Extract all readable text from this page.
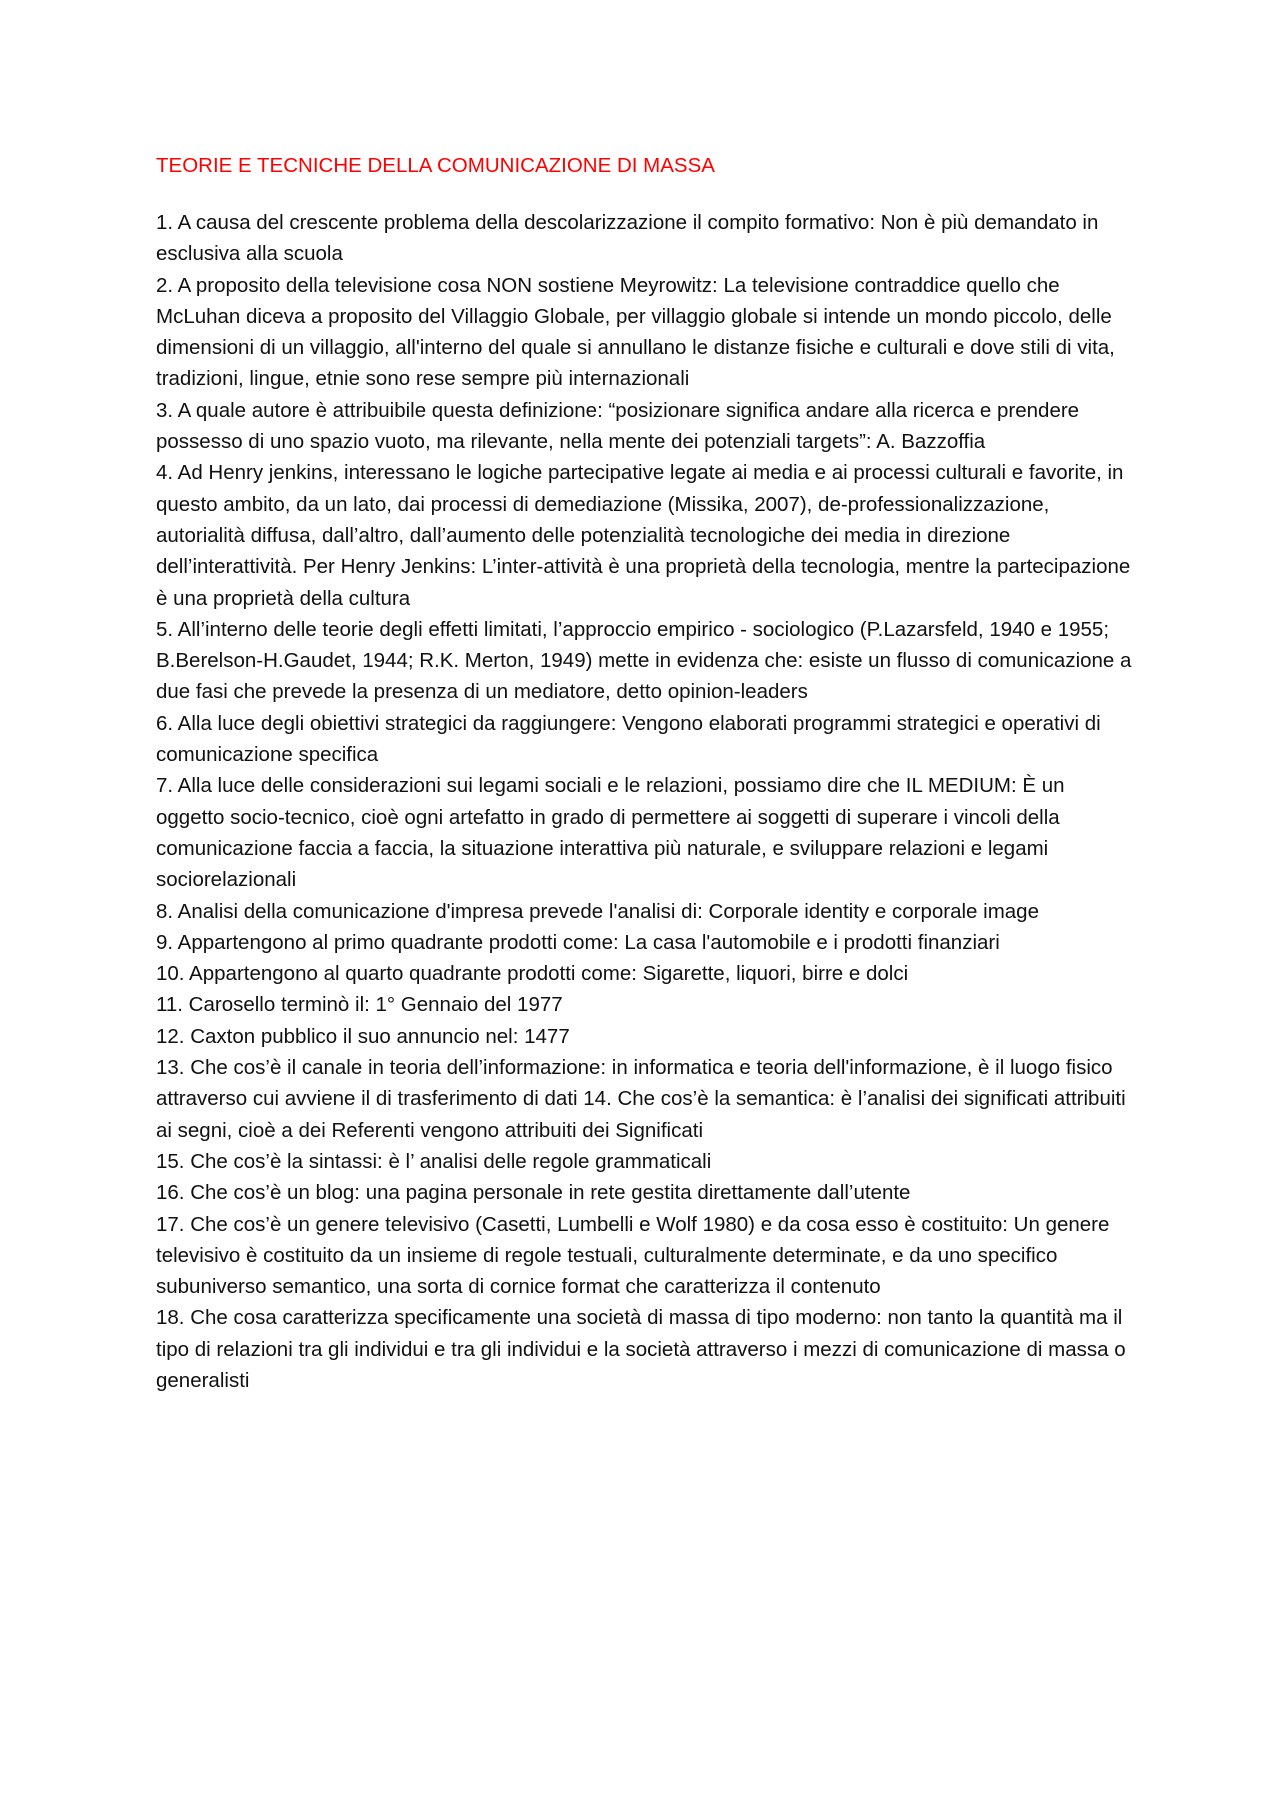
TEORIE E TECNICHE DELLA COMUNICAZIONE DI MASSA

1. A causa del crescente problema della descolarizzazione il compito formativo: Non è più demandato in esclusiva alla scuola

2. A proposito della televisione cosa NON sostiene Meyrowitz: La televisione contraddice quello che McLuhan diceva a proposito del Villaggio Globale, per villaggio globale si intende un mondo piccolo, delle dimensioni di un villaggio, all'interno del quale si annullano le distanze fisiche e culturali e dove stili di vita, tradizioni, lingue, etnie sono rese sempre più internazionali

3. A quale autore è attribuibile questa definizione: “posizionare significa andare alla ricerca e prendere possesso di uno spazio vuoto, ma rilevante, nella mente dei potenziali targets”: A. Bazzoffia

4. Ad Henry jenkins, interessano le logiche partecipative legate ai media e ai processi culturali e favorite, in questo ambito, da un lato, dai processi di demediazione (Missika, 2007), de-professionalizzazione, autorialità diffusa, dall’altro, dall’aumento delle potenzialità tecnologiche dei media in direzione dell’interattività. Per Henry Jenkins: L’inter-attività è una proprietà della tecnologia, mentre la partecipazione è una proprietà della cultura

5. All’interno delle teorie degli effetti limitati, l’approccio empirico - sociologico (P.Lazarsfeld, 1940 e 1955; B.Berelson-H.Gaudet, 1944; R.K. Merton, 1949) mette in evidenza che: esiste un flusso di comunicazione a due fasi che prevede la presenza di un mediatore, detto opinion-leaders

6. Alla luce degli obiettivi strategici da raggiungere: Vengono elaborati programmi strategici e operativi di comunicazione specifica

7. Alla luce delle considerazioni sui legami sociali e le relazioni, possiamo dire che IL MEDIUM: È un oggetto socio-tecnico, cioè ogni artefatto in grado di permettere ai soggetti di superare i vincoli della comunicazione faccia a faccia, la situazione interattiva più naturale, e sviluppare relazioni e legami sociorelazionali

8. Analisi della comunicazione d'impresa prevede l'analisi di: Corporale identity e corporale image

9. Appartengono al primo quadrante prodotti come: La casa l'automobile e i prodotti finanziari

10. Appartengono al quarto quadrante prodotti come: Sigarette, liquori, birre e dolci

11. Carosello terminò il: 1° Gennaio del 1977

12. Caxton pubblico il suo annuncio nel: 1477

13. Che cos’è il canale in teoria dell’informazione: in informatica e teoria dell'informazione, è il luogo fisico attraverso cui avviene il di trasferimento di dati 14. Che cos’è la semantica: è l’analisi dei significati attribuiti ai segni, cioè a dei Referenti vengono attribuiti dei Significati

15. Che cos’è la sintassi: è l’ analisi delle regole grammaticali

16. Che cos’è un blog: una pagina personale in rete gestita direttamente dall’utente

17. Che cos’è un genere televisivo (Casetti, Lumbelli e Wolf 1980) e da cosa esso è costituito: Un genere televisivo è costituito da un insieme di regole testuali, culturalmente determinate, e da uno specifico subuniverso semantico, una sorta di cornice format che caratterizza il contenuto

18. Che cosa caratterizza specificamente una società di massa di tipo moderno: non tanto la quantità ma il tipo di relazioni tra gli individui e tra gli individui e la società attraverso i mezzi di comunicazione di massa o generalisti
